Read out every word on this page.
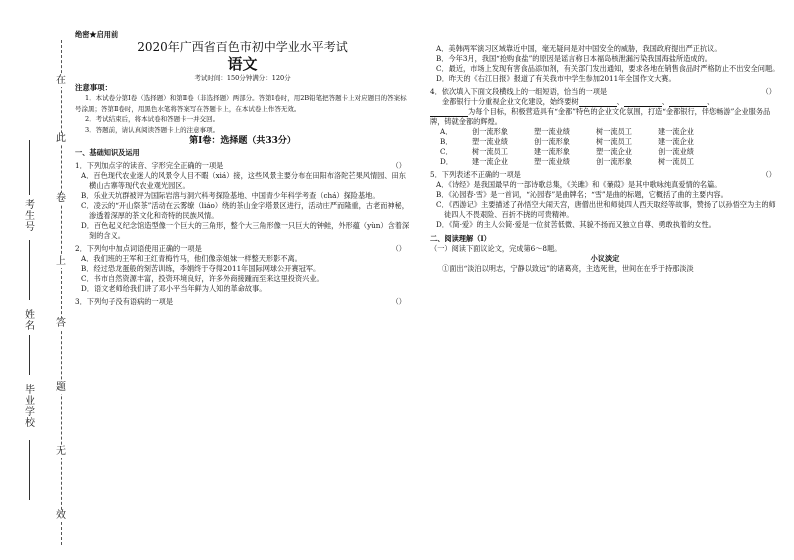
在
此
卷
上
答
题
无
效
考生号
姓名
毕业学校

绝密★启用前

2020年广西省百色市初中学业水平考试

语文

考试时间：150分钟满分：120分

注意事项：

1．本试卷分第Ⅰ卷（选择题）和第Ⅱ卷（非选择题）两部分。答第Ⅰ卷时，用2B铅笔把答题卡上对应题目的答案标号涂黑；答第Ⅱ卷时，用黑色水笔将答案写在答题卡上，在本试卷上作答无效。

2．考试结束后，将本试卷和答题卡一并交回。

3．答题前，请认真阅读答题卡上的注意事项。

第Ⅰ卷：选择题（共33分）

一、基础知识及运用

1．下列加点字的读音、字形完全正确的一项是	（）

A．百色现代农业迷人的风景令人目不暇（xiá）接，这些风景主要分布在田阳布洛陀芒果风情园、田东横山古寨等现代农业观光园区。

B．乐业天坑群被评为国际岩溶与洞穴科考探险基地、中国青少年科学考查（chá）探险基地。

C．凌云的“开山祭茶”活动在云雾缭（liáo）绕的茶山金字塔景区进行，活动庄严而隆重，古老而神秘，渗透着深厚的茶文化和奇特的民族风情。

D．百色起义纪念馆造型像一个巨大的三角形，整个大三角形像一只巨大的钟鲑，外形蕴（yùn）含着深刻的含义。

2．下列句中加点词语使用正确的一项是	（）

A．我们班的王军和王红青梅竹马，他们像亲姐妹一样整天形影不离。

B．经过恐龙蛋般的刻苦训练，李娟终于夺得2011年国际网球公开赛冠军。

C．书市自然资源丰富，投资环境良好，许多外商接踵而至来这里投资兴业。

D．语文老师给我们讲了邓小平当年鲜为人知的革命故事。

3．下列句子没有语病的一项是	（）

A．美韩两军演习区域靠近中国，毫无疑问是对中国安全的威胁，我国政府提出严正抗议。

B．今年3月，我国“抢购食盐”的原因是谣言称日本福岛核泄漏污染我国海盐所造成的。

C．最近，市场上发现有害食品添加剂，有关部门发出通知，要求各地在销售食品时严格防止不出安全问题。

D．昨天的《右江日报》报道了有关我市中学生参加2011年全国作文大赛。

4．依次填入下面文段横线上的一组短语，恰当的一项是	（）

金都银行十分重视企业文化建设，始终要树	、	、	、

为每个目标，积极营造具有“金都”特色的企业文化氛围，打造“金都银行，伴您畅游”企业服务品牌，铸就金都的辉煌。

A．	创一流形象	塑一流业绩	树一流员工	建一流企业
B．	塑一流业绩	创一流形象	树一流员工	建一流企业
C．	树一流员工	建一流形象	塑一流企业	创一流业绩
D．	建一流企业	塑一流业绩	创一流形象	树一流员工

5．下列表述不正确的一项是	（）

A．《诗经》是我国最早的一部诗歌总集，《关雎》和《蒹葭》是其中歌咏纯真爱情的名篇。

B．《沁园春·雪》是一首词，“沁园春”是曲牌名；“雪”是曲的标题，它概括了曲的主要内容。

C．《西游记》主要描述了孙悟空大闹天宫，唐僧出世和师徒四人西天取经等故事，赞扬了以孙悟空为主的师徒四人不畏艰险、百折不挠的可贵精神。

D．《简·爱》的主人公简·爱是一位贫苦低微、其貌不扬而又独立自尊、勇敢执着的女性。

二、阅读理解（Ⅰ）

（一）阅读下面议论文，完成第6～8题。

小议淡定

①面出“淡泊以明志，宁静以致远”的诸葛亮，主选死世，世间在在乎于持那淡淡
